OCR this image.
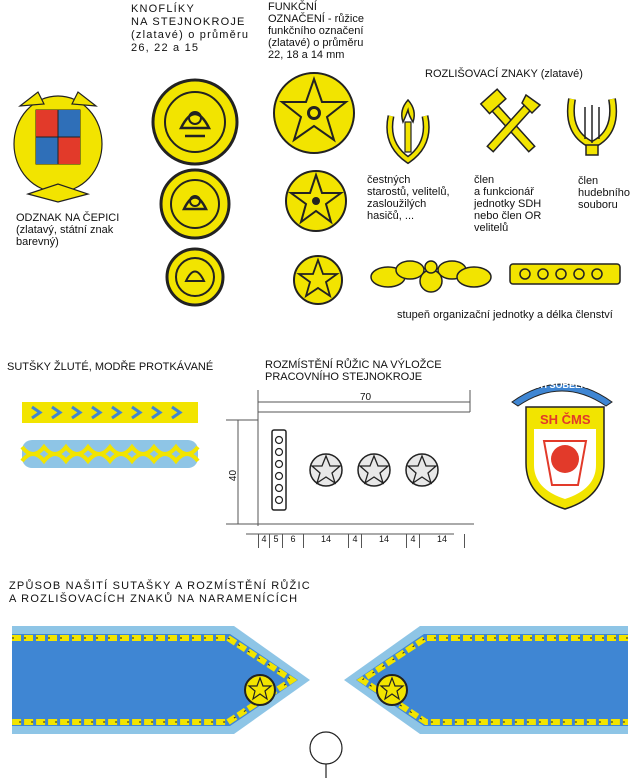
KNOFLÍKY
NA STEJNOKROJE
(zlatavé) o průměru
26, 22 a 15
FUNKČNÍ
OZNAČENÍ - růžice
funkčního označení
(zlatavé) o průměru
22, 18 a 14 mm
ROZLIŠOVACÍ ZNAKY (zlatavé)
ODZNAK NA ČEPICI
(zlatavý, státní znak
barevný)
čestných
starostů, velitelů,
zasloužilých
hasičů, ...
člen
a funkcionář
jednotky SDH
nebo člen OR
velitelů
člen
hudebního
souboru
stupeň organizační jednotky a délka členství
SUTŠKY ŽLUTÉ, MODŘE PROTKÁVANÉ	ROZMÍSTĚNÍ RŮŽIC NA VÝLOŽCE
PRACOVNÍHO STEJNOKROJE
70
40
4 5	6	14	4	14	4	14
SDH SOBĚLICE
SH ČMS
ZPŮSOB NAŠITÍ SUTAŠKY A ROZMÍSTĚNÍ RŮŽIC
A ROZLIŠOVACÍCH ZNAKŮ NA NARAMENÍCÍCH
